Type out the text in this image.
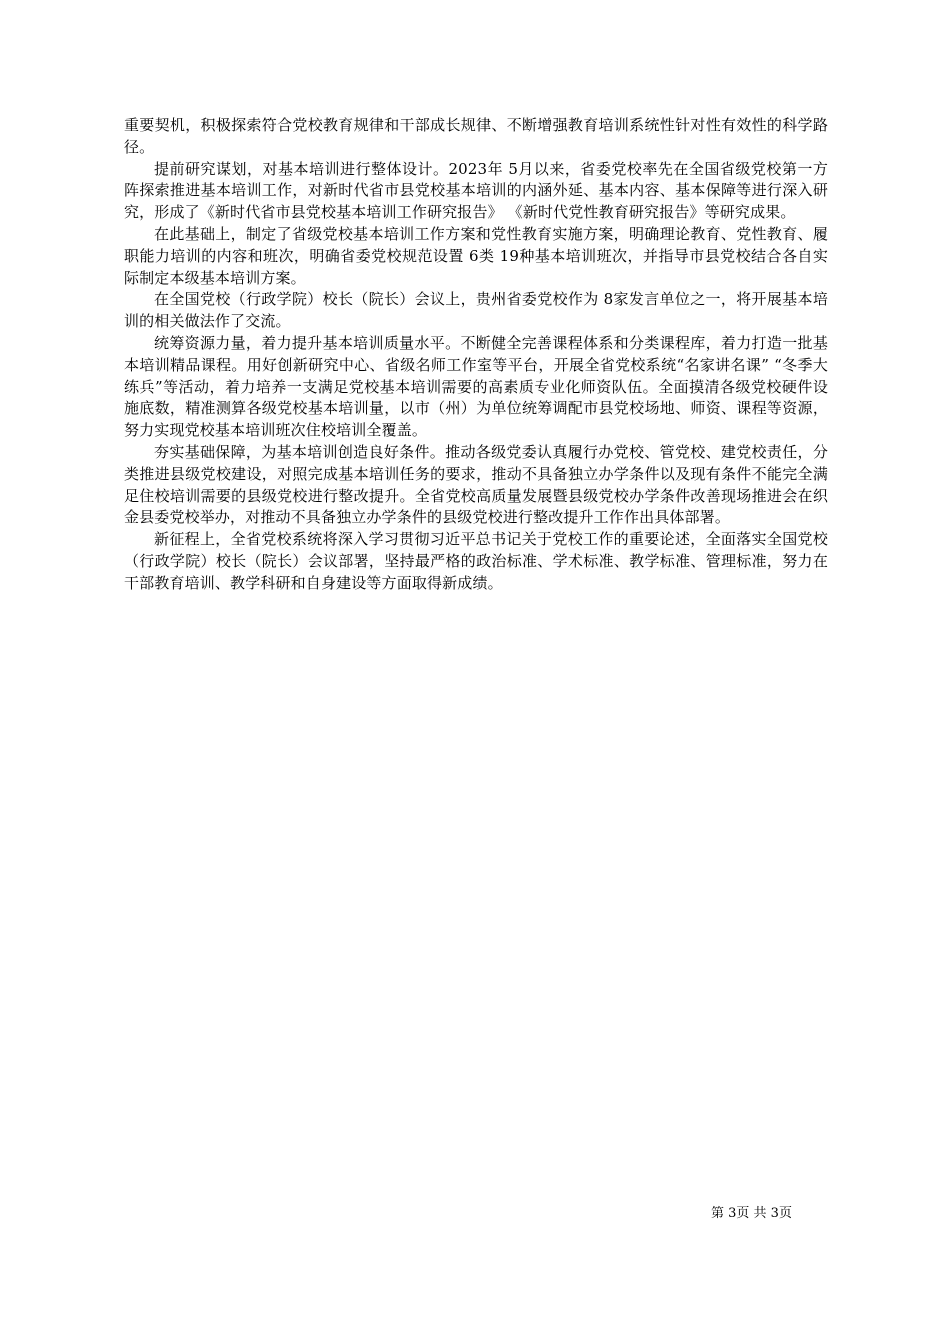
重要契机，积极探索符合党校教育规律和干部成长规律、不断增强教育培训系统性针对性有效性的科学路径。

提前研究谋划，对基本培训进行整体设计。2023年 5月以来，省委党校率先在全国省级党校第一方阵探索推进基本培训工作，对新时代省市县党校基本培训的内涵外延、基本内容、基本保障等进行深入研究，形成了《新时代省市县党校基本培训工作研究报告》 《新时代党性教育研究报告》等研究成果。

在此基础上，制定了省级党校基本培训工作方案和党性教育实施方案，明确理论教育、党性教育、履职能力培训的内容和班次，明确省委党校规范设置 6类 19种基本培训班次，并指导市县党校结合各自实际制定本级基本培训方案。

在全国党校（行政学院）校长（院长）会议上，贵州省委党校作为 8家发言单位之一，将开展基本培训的相关做法作了交流。

统筹资源力量，着力提升基本培训质量水平。不断健全完善课程体系和分类课程库，着力打造一批基本培训精品课程。用好创新研究中心、省级名师工作室等平台，开展全省党校系统“名家讲名课” “冬季大练兵”等活动，着力培养一支满足党校基本培训需要的高素质专业化师资队伍。全面摸清各级党校硬件设施底数，精准测算各级党校基本培训量，以市（州）为单位统筹调配市县党校场地、师资、课程等资源，努力实现党校基本培训班次住校培训全覆盖。

夯实基础保障，为基本培训创造良好条件。推动各级党委认真履行办党校、管党校、建党校责任，分类推进县级党校建设，对照完成基本培训任务的要求，推动不具备独立办学条件以及现有条件不能完全满足住校培训需要的县级党校进行整改提升。全省党校高质量发展暨县级党校办学条件改善现场推进会在织金县委党校举办，对推动不具备独立办学条件的县级党校进行整改提升工作作出具体部署。

新征程上，全省党校系统将深入学习贯彻习近平总书记关于党校工作的重要论述，全面落实全国党校（行政学院）校长（院长）会议部署，坚持最严格的政治标准、学术标准、教学标准、管理标准，努力在干部教育培训、教学科研和自身建设等方面取得新成绩。

第 3页 共 3页
